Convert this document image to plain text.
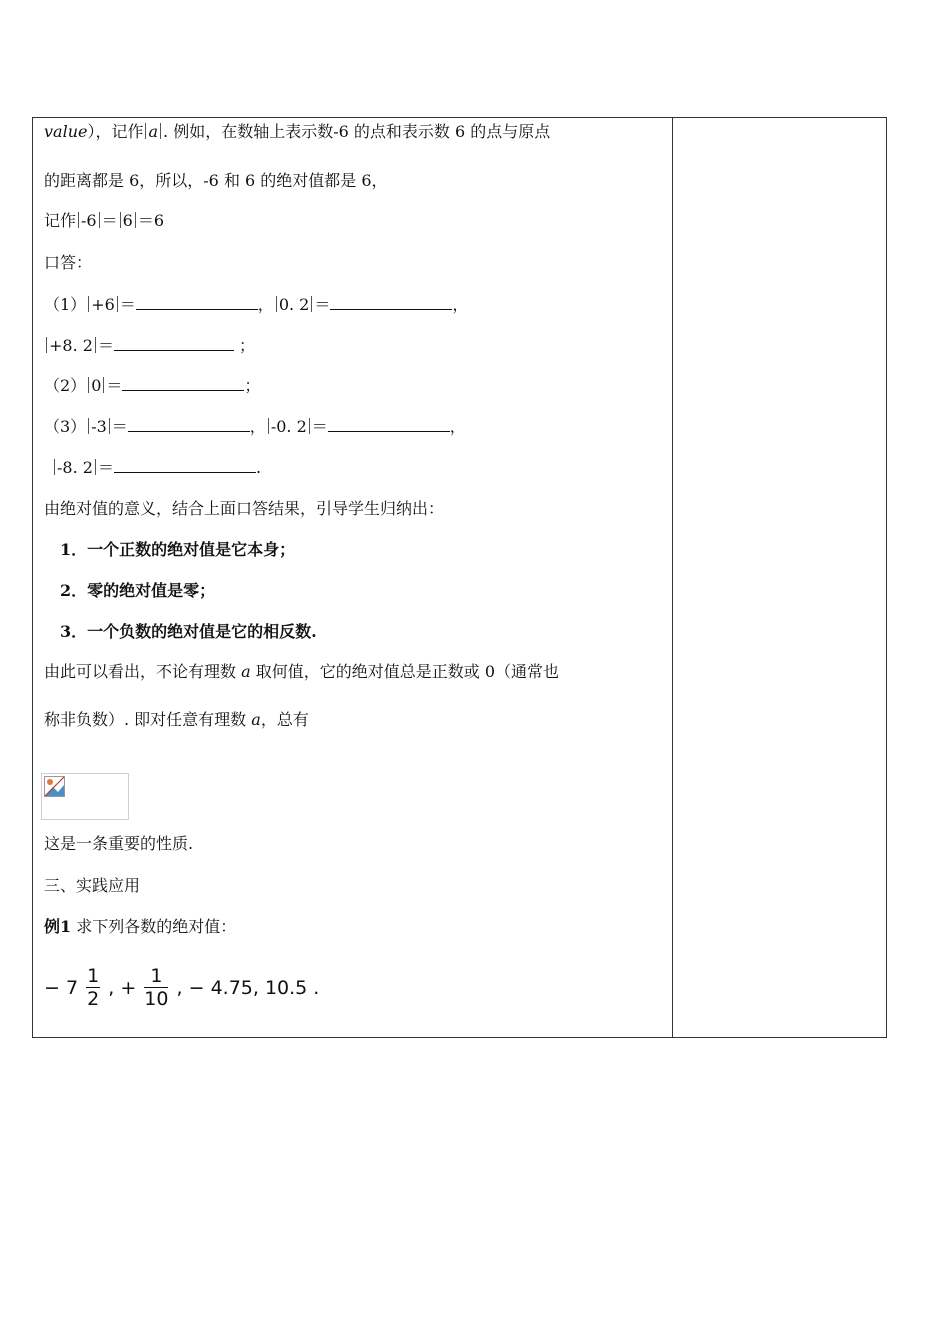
value），记作 a . 例如，在数轴上表示数-6 的点和表示数 6 的点与原点
的距离都是 6，所以，-6 和 6 的绝对值都是 6，
记作 -6 ＝ 6 ＝6
口答：
（1） +6 ＝	， 0. 2 ＝	，
+8. 2 ＝	；
（2） 0 ＝	；
（3） -3 ＝	， -0. 2 ＝	，
-8. 2 ＝	.
由绝对值的意义，结合上面口答结果，引导学生归纳出：
1．一个正数的绝对值是它本身；
2．零的绝对值是零；
3．一个负数的绝对值是它的相反数.
由此可以看出，不论有理数 a 取何值，它的绝对值总是正数或 0（通常也
称非负数）. 即对任意有理数 a，总有
这是一条重要的性质.
三、实践应用
例1 求下列各数的绝对值：
− $7 \frac{1}{2}$ , + $\frac{1}{10}$ , − 4.75, 10.5 .
